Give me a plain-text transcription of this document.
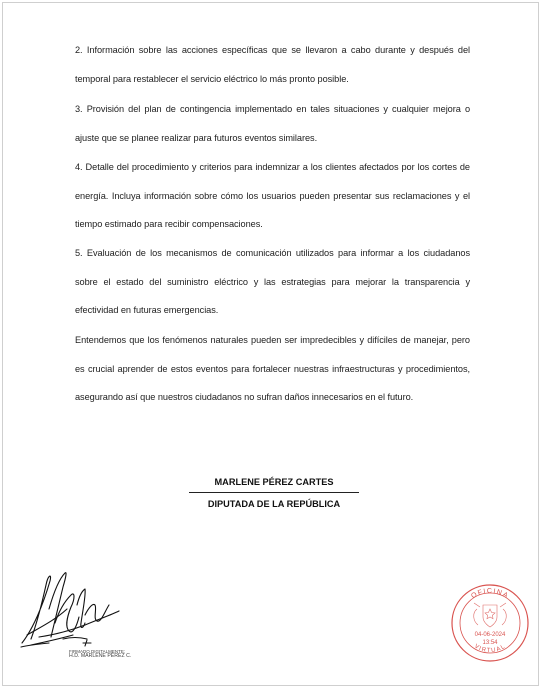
2. Información sobre las acciones específicas que se llevaron a cabo durante y después del temporal para restablecer el servicio eléctrico lo más pronto posible.

3. Provisión del plan de contingencia implementado en tales situaciones y cualquier mejora o ajuste que se planee realizar para futuros eventos similares.

4. Detalle del procedimiento y criterios para indemnizar a los clientes afectados por los cortes de energía. Incluya información sobre cómo los usuarios pueden presentar sus reclamaciones y el tiempo estimado para recibir compensaciones.

5. Evaluación de los mecanismos de comunicación utilizados para informar a los ciudadanos sobre el estado del suministro eléctrico y las estrategias para mejorar la transparencia y efectividad en futuras emergencias.

Entendemos que los fenómenos naturales pueden ser impredecibles y difíciles de manejar, pero es crucial aprender de estos eventos para fortalecer nuestras infraestructuras y procedimientos, asegurando así que nuestros ciudadanos no sufran daños innecesarios en el futuro.

MARLENE PÉREZ CARTES
DIPUTADA DE LA REPÚBLICA
FIRMADO DIGITALMENTE:
H.D. MARLENE PÉREZ C.
OFICINA
VIRTUAL
04-06-2024
13:54
